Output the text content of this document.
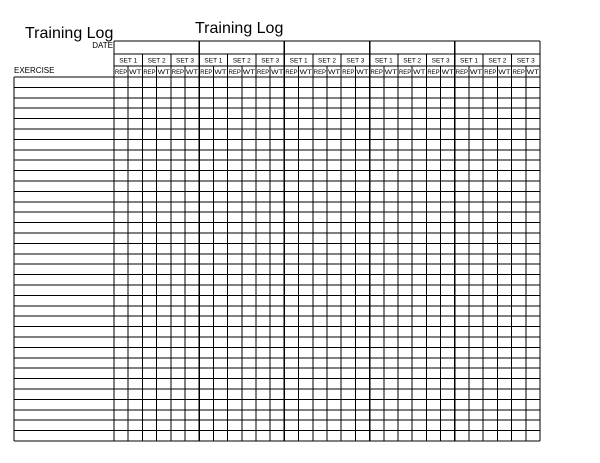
Training Log	Training Log
DATE
EXERCISE
SET 1
REP WT
SET 2
REP WT
SET 3
REP WT
SET 1
REP WT
SET 2
REP WT
SET 3
REP WT
SET 1
REP WT
SET 2
REP WT
SET 3
REP WT
SET 1
REP WT
SET 2
REP WT
SET 3
REP WT
SET 1
REP WT
SET 2
REP WT
SET 3
REP WT
